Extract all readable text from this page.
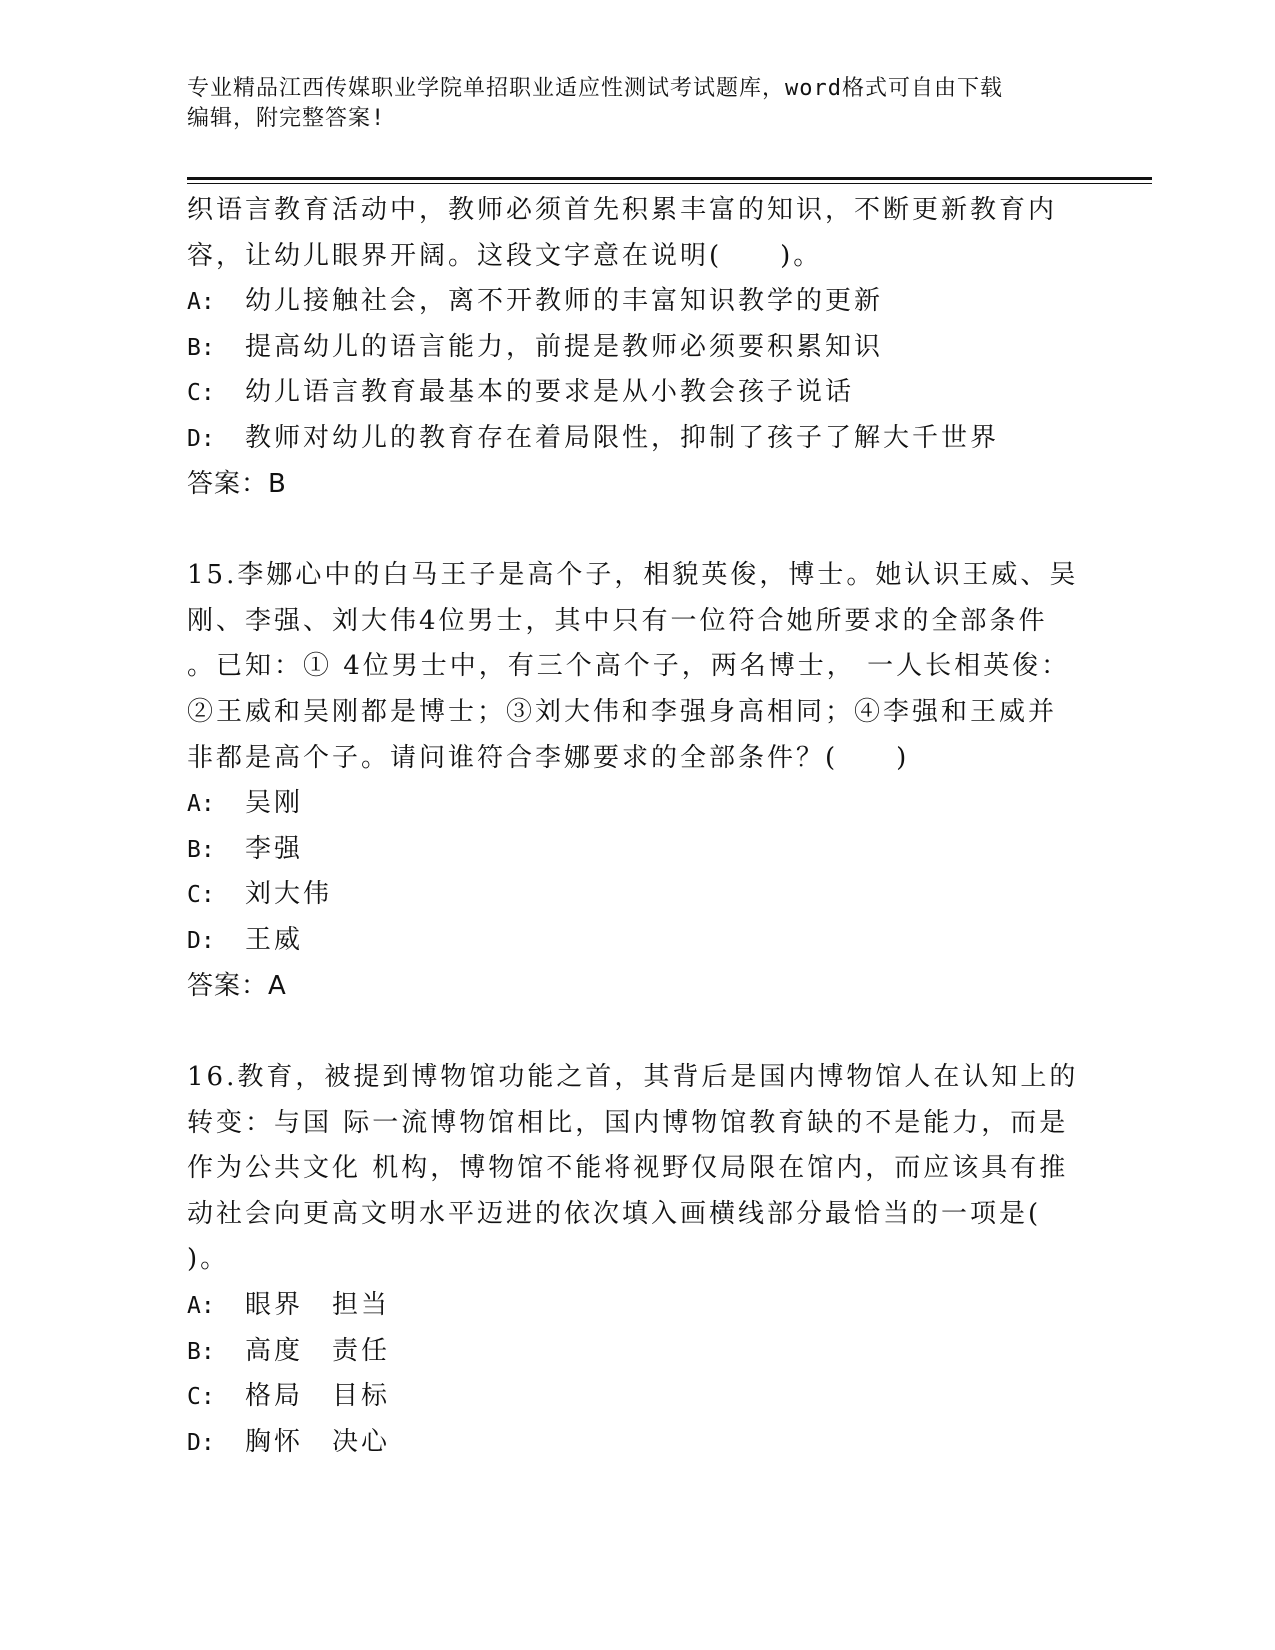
专业精品江西传媒职业学院单招职业适应性测试考试题库，word格式可自由下载
编辑，附完整答案!
织语言教育活动中，教师必须首先积累丰富的知识，不断更新教育内
容，让幼儿眼界开阔。这段文字意在说明(　　)。
A: 幼儿接触社会，离不开教师的丰富知识教学的更新
B: 提高幼儿的语言能力，前提是教师必须要积累知识
C: 幼儿语言教育最基本的要求是从小教会孩子说话
D: 教师对幼儿的教育存在着局限性，抑制了孩子了解大千世界
答案：B
15.李娜心中的白马王子是高个子，相貌英俊，博士。她认识王威、吴
刚、李强、刘大伟4位男士，其中只有一位符合她所要求的全部条件
。已知：① 4位男士中，有三个高个子，两名博士， 一人长相英俊：
②王威和吴刚都是博士；③刘大伟和李强身高相同；④李强和王威并
非都是高个子。请问谁符合李娜要求的全部条件？(　　)
A: 吴刚
B: 李强
C: 刘大伟
D: 王威
答案：A
16.教育，被提到博物馆功能之首，其背后是国内博物馆人在认知上的
转变：与国 际一流博物馆相比，国内博物馆教育缺的不是能力，而是
作为公共文化 机构，博物馆不能将视野仅局限在馆内，而应该具有推
动社会向更高文明水平迈进的依次填入画横线部分最恰当的一项是(
)。
A: 眼界　担当
B: 高度　责任
C: 格局　目标
D: 胸怀　决心
